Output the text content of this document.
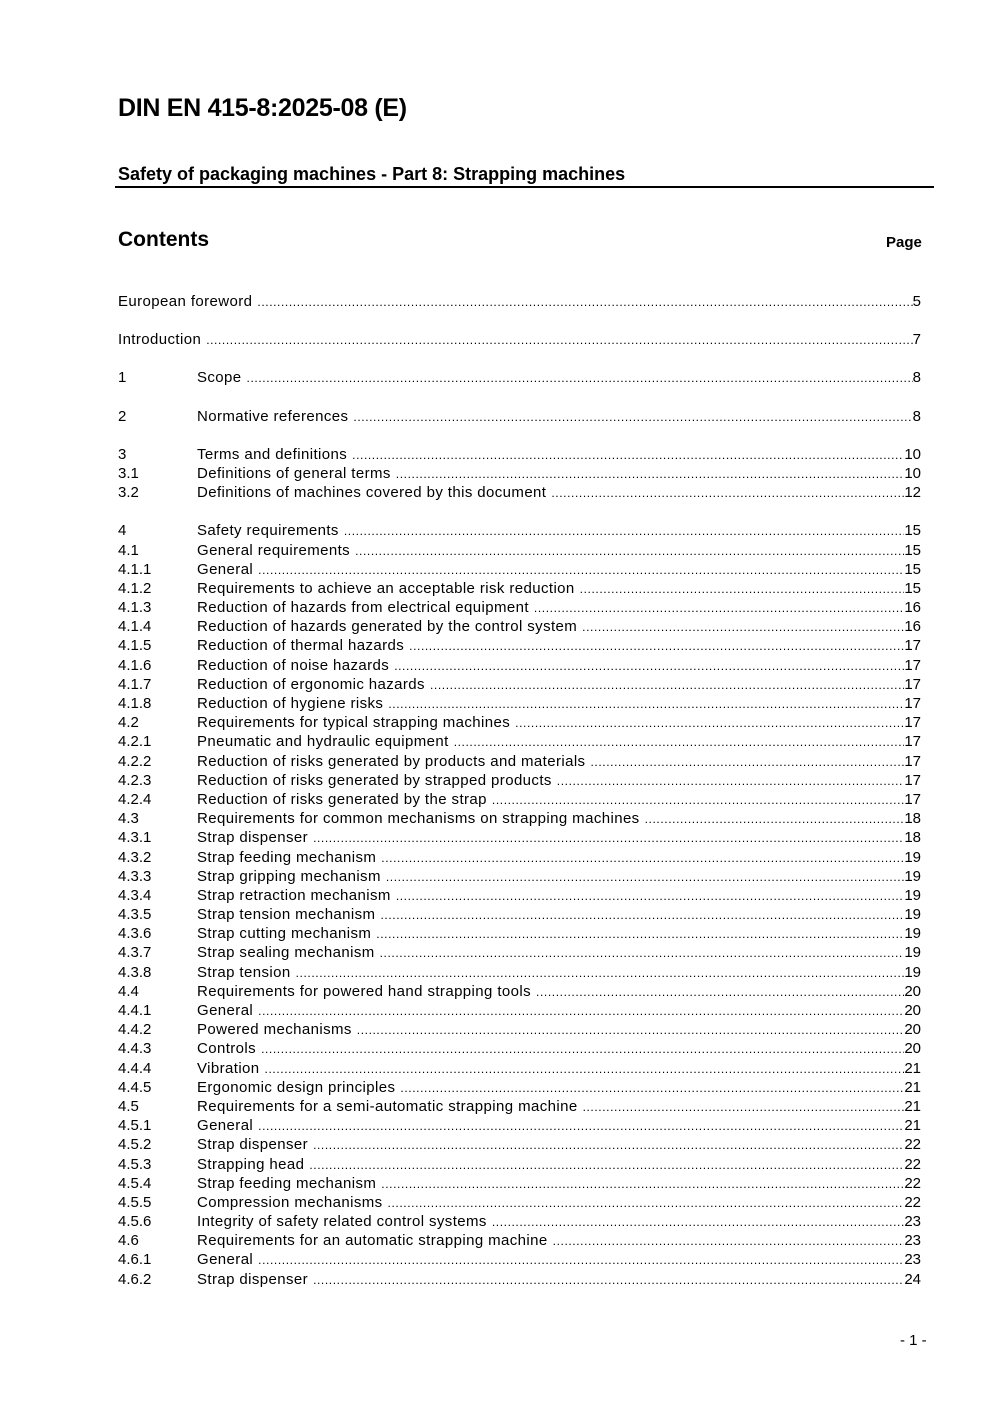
DIN EN 415-8:2025-08 (E)
Safety of packaging machines - Part 8: Strapping machines
Contents	Page
European foreword .....	5
Introduction .....	7
1	Scope .....	8
2	Normative references .....	8
3	Terms and definitions .....	10
3.1	Definitions of general terms .....	10
3.2	Definitions of machines covered by this document .....	12
4	Safety requirements .....	15
4.1	General requirements .....	15
4.1.1	General .....	15
4.1.2	Requirements to achieve an acceptable risk reduction .....	15
4.1.3	Reduction of hazards from electrical equipment .....	16
4.1.4	Reduction of hazards generated by the control system .....	16
4.1.5	Reduction of thermal hazards .....	17
4.1.6	Reduction of noise hazards .....	17
4.1.7	Reduction of ergonomic hazards .....	17
4.1.8	Reduction of hygiene risks .....	17
4.2	Requirements for typical strapping machines .....	17
4.2.1	Pneumatic and hydraulic equipment .....	17
4.2.2	Reduction of risks generated by products and materials .....	17
4.2.3	Reduction of risks generated by strapped products .....	17
4.2.4	Reduction of risks generated by the strap .....	17
4.3	Requirements for common mechanisms on strapping machines .....	18
4.3.1	Strap dispenser .....	18
4.3.2	Strap feeding mechanism .....	19
4.3.3	Strap gripping mechanism .....	19
4.3.4	Strap retraction mechanism .....	19
4.3.5	Strap tension mechanism .....	19
4.3.6	Strap cutting mechanism .....	19
4.3.7	Strap sealing mechanism .....	19
4.3.8	Strap tension .....	19
4.4	Requirements for powered hand strapping tools .....	20
4.4.1	General .....	20
4.4.2	Powered mechanisms .....	20
4.4.3	Controls .....	20
4.4.4	Vibration .....	21
4.4.5	Ergonomic design principles .....	21
4.5	Requirements for a semi-automatic strapping machine .....	21
4.5.1	General .....	21
4.5.2	Strap dispenser .....	22
4.5.3	Strapping head .....	22
4.5.4	Strap feeding mechanism .....	22
4.5.5	Compression mechanisms .....	22
4.5.6	Integrity of safety related control systems .....	23
4.6	Requirements for an automatic strapping machine .....	23
4.6.1	General .....	23
4.6.2	Strap dispenser .....	24
- 1 -
